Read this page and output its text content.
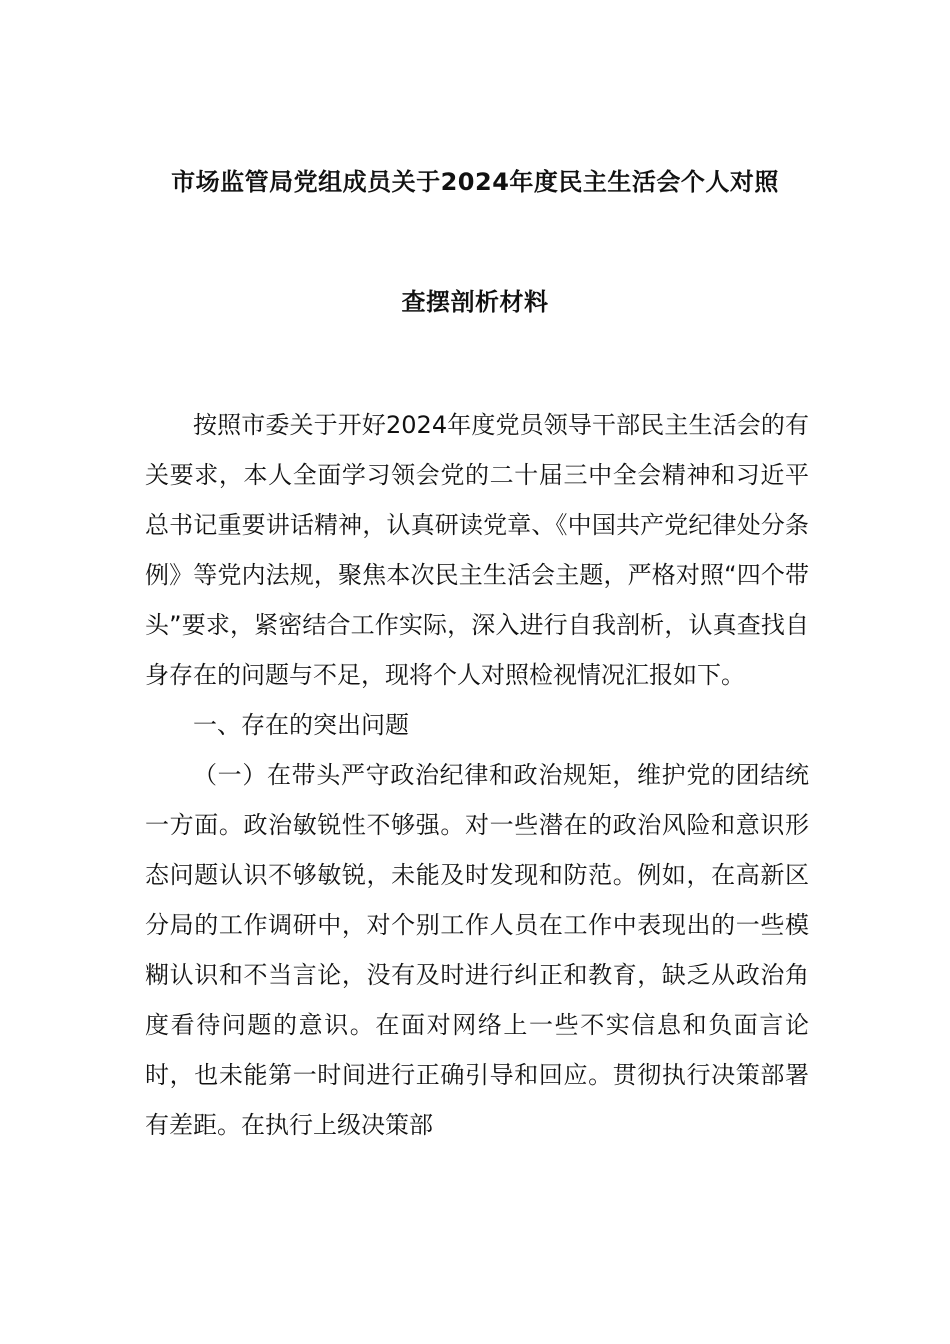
市场监管局党组成员关于2024年度民主生活会个人对照
查摆剖析材料

按照市委关于开好2024年度党员领导干部民主生活会的有关要求，本人全面学习领会党的二十届三中全会精神和习近平总书记重要讲话精神，认真研读党章、《中国共产党纪律处分条例》等党内法规，聚焦本次民主生活会主题，严格对照“四个带头”要求，紧密结合工作实际，深入进行自我剖析，认真查找自身存在的问题与不足，现将个人对照检视情况汇报如下。

一、存在的突出问题

（一）在带头严守政治纪律和政治规矩，维护党的团结统一方面。政治敏锐性不够强。对一些潜在的政治风险和意识形态问题认识不够敏锐，未能及时发现和防范。例如，在高新区分局的工作调研中，对个别工作人员在工作中表现出的一些模糊认识和不当言论，没有及时进行纠正和教育，缺乏从政治角度看待问题的意识。在面对网络上一些不实信息和负面言论时，也未能第一时间进行正确引导和回应。贯彻执行决策部署有差距。在执行上级决策部
